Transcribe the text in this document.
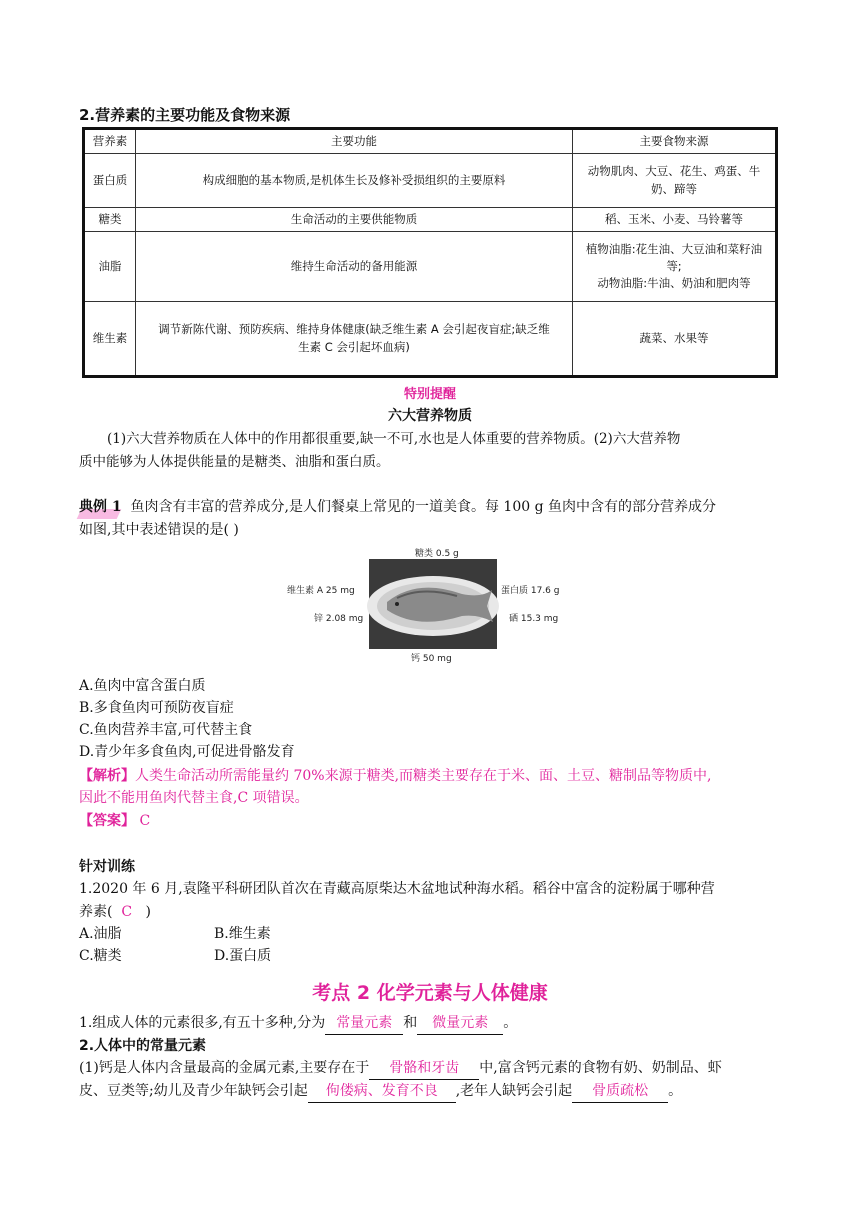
2.营养素的主要功能及食物来源
营养素	主要功能	主要食物来源
蛋白质	构成细胞的基本物质,是机体生长及修补受损组织的主要原料	动物肌肉、大豆、花生、鸡蛋、牛
奶、蹄等

糖类	生命活动的主要供能物质	稻、玉米、小麦、马铃薯等
油脂	维持生命活动的备用能源	植物油脂:花生油、大豆油和菜籽油
等;
动物油脂:牛油、奶油和肥肉等

维生素	调节新陈代谢、预防疾病、维持身体健康(缺乏维生素 A 会引起夜盲症;缺乏维
生素 C 会引起坏血病)	蔬菜、水果等
特别提醒
六大营养物质
(1)六大营养物质在人体中的作用都很重要,缺一不可,水也是人体重要的营养物质。(2)六大营养物
质中能够为人体提供能量的是糖类、油脂和蛋白质。
典例 1 鱼肉含有丰富的营养成分,是人们餐桌上常见的一道美食。每 100 g 鱼肉中含有的部分营养成分
如图,其中表述错误的是( )
糖类 0.5 g
维生素 A 25 mg	蛋白质 17.6 g
锌 2.08 mg	硒 15.3 mg
钙 50 mg
A.鱼肉中富含蛋白质
B.多食鱼肉可预防夜盲症
C.鱼肉营养丰富,可代替主食
D.青少年多食鱼肉,可促进骨骼发育
【解析】人类生命活动所需能量约 70%来源于糖类,而糖类主要存在于米、面、土豆、糖制品等物质中,
因此不能用鱼肉代替主食,C 项错误。
【答案】 C
针对训练
1.2020 年 6 月,袁隆平科研团队首次在青藏高原柴达木盆地试种海水稻。稻谷中富含的淀粉属于哪种营
养素( C )
A.油脂	B.维生素
C.糖类	D.蛋白质
考点 2 化学元素与人体健康
1.组成人体的元素很多,有五十多种,分为 常量元素 和 微量元素 。
2.人体中的常量元素
(1)钙是人体内含量最高的金属元素,主要存在于 骨骼和牙齿 中,富含钙元素的食物有奶、奶制品、虾
皮、豆类等;幼儿及青少年缺钙会引起 佝偻病、发育不良 ,老年人缺钙会引起 骨质疏松 。
